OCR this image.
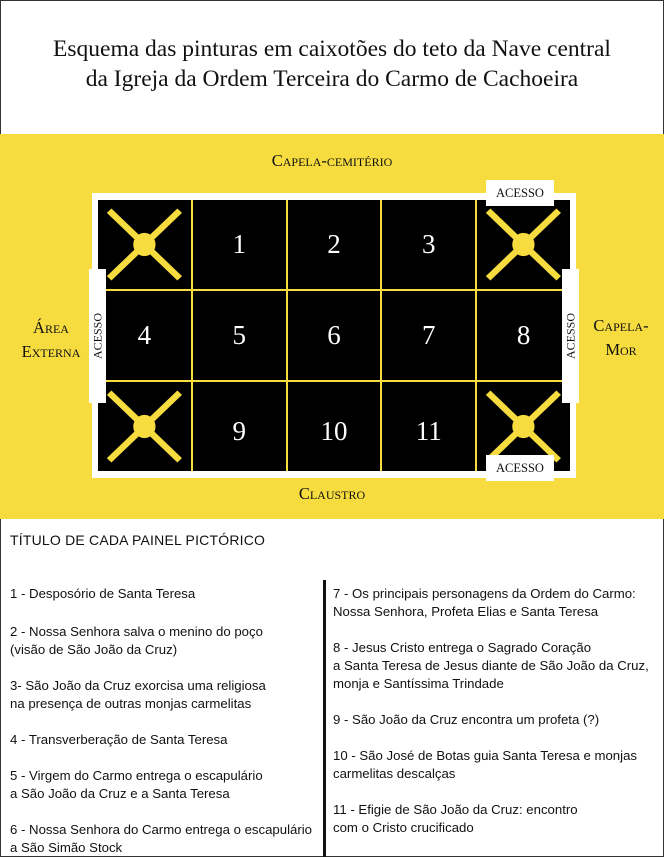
Esquema das pinturas em caixotões do teto da Nave central
da Igreja da Ordem Terceira do Carmo de Cachoeira
Capela-cemitério
Claustro
Área
Externa
Capela-
Mor
1	2	3
4	5	6	7	8
9	10	11
ACESSO
ACESSO
ACESSO	ACESSO
TÍTULO DE CADA PAINEL PICTÓRICO
1 - Desposório de Santa Teresa
2 - Nossa Senhora salva o menino do poço
(visão de São João da Cruz)
3- São João da Cruz exorcisa uma religiosa
na presença de outras monjas carmelitas
4 - Transverberação de Santa Teresa
5 - Virgem do Carmo entrega o escapulário
a São João da Cruz e a Santa Teresa
6 - Nossa Senhora do Carmo entrega o escapulário
a São Simão Stock
7 - Os principais personagens da Ordem do Carmo:
Nossa Senhora, Profeta Elias e Santa Teresa
8 - Jesus Cristo entrega o Sagrado Coração
a Santa Teresa de Jesus diante de São João da Cruz,
monja e Santíssima Trindade
9 - São João da Cruz encontra um profeta (?)
10 - São José de Botas guia Santa Teresa e monjas
carmelitas descalças
11 - Efigie de São João da Cruz: encontro
com o Cristo crucificado
